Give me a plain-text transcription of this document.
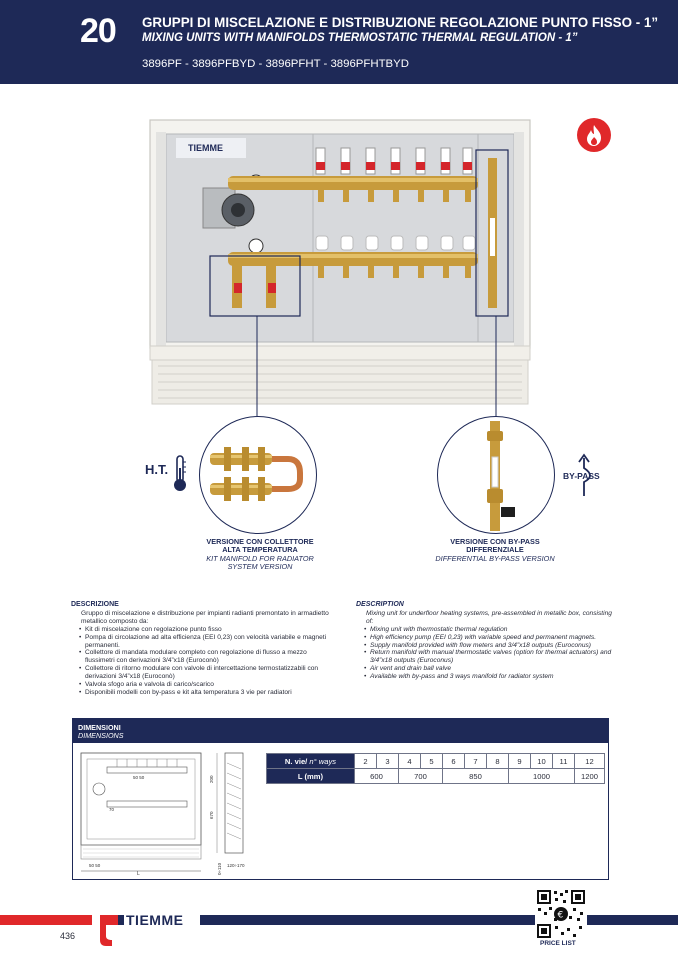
20 GRUPPI DI MISCELAZIONE E DISTRIBUZIONE REGOLAZIONE PUNTO FISSO - 1”
MIXING UNITS WITH MANIFOLDS THERMOSTATIC THERMAL REGULATION - 1”
3896PF - 3896PFBYD - 3896PFHT - 3896PFHTBYD
TIEMME
H.T.	BY-PASS
VERSIONE CON COLLETTORE
ALTA TEMPERATURA
KIT MANIFOLD FOR RADIATOR
SYSTEM VERSION
VERSIONE CON BY-PASS
DIFFERENZIALE
DIFFERENTIAL BY-PASS VERSION
DESCRIZIONE
Gruppo di miscelazione e distribuzione per impianti radianti premontato in armadietto metallico composto da:
• Kit di miscelazione con regolazione punto fisso
• Pompa di circolazione ad alta efficienza (EEI 0,23) con velocità variabile e magneti permanenti.
• Collettore di mandata modulare completo con regolazione di flusso a mezzo flussimetri con derivazioni 3/4”x18 (Euroconò)
• Collettore di ritorno modulare con valvole di intercettazione termostatizzabili con derivazioni 3/4”x18 (Euroconò)
• Valvola sfogo aria e valvola di carico/scarico
• Disponibili modelli con by-pass e kit alta temperatura 3 vie per radiatori
DESCRIPTION
Mixing unit for underfloor heating systems, pre-assembled in metallic box, consisting of:
• Mixing unit with thermostatic thermal regulation
• High efficiency pump (EEI 0,23) with variable speed and permanent magnets.
• Supply manifold provided with flow meters and 3/4”x18 outputs (Euroconus)
• Return manifold with manual thermostatic valves (option for thermal actuators) and 3/4”x18 outputs (Euroconus)
• Air vent and drain ball valve
• Available with by-pass and 3 ways manifold for radiator system
DIMENSIONI
DIMENSIONS
L
50 50
70
50 50
200
670
0÷110 120÷170
N. vie/ n° ways	2	3	4	5	6	7	8	9	10	11	12
L (mm)	600		700		850			1000			1200
436
TIEMME	€
PRICE LIST
